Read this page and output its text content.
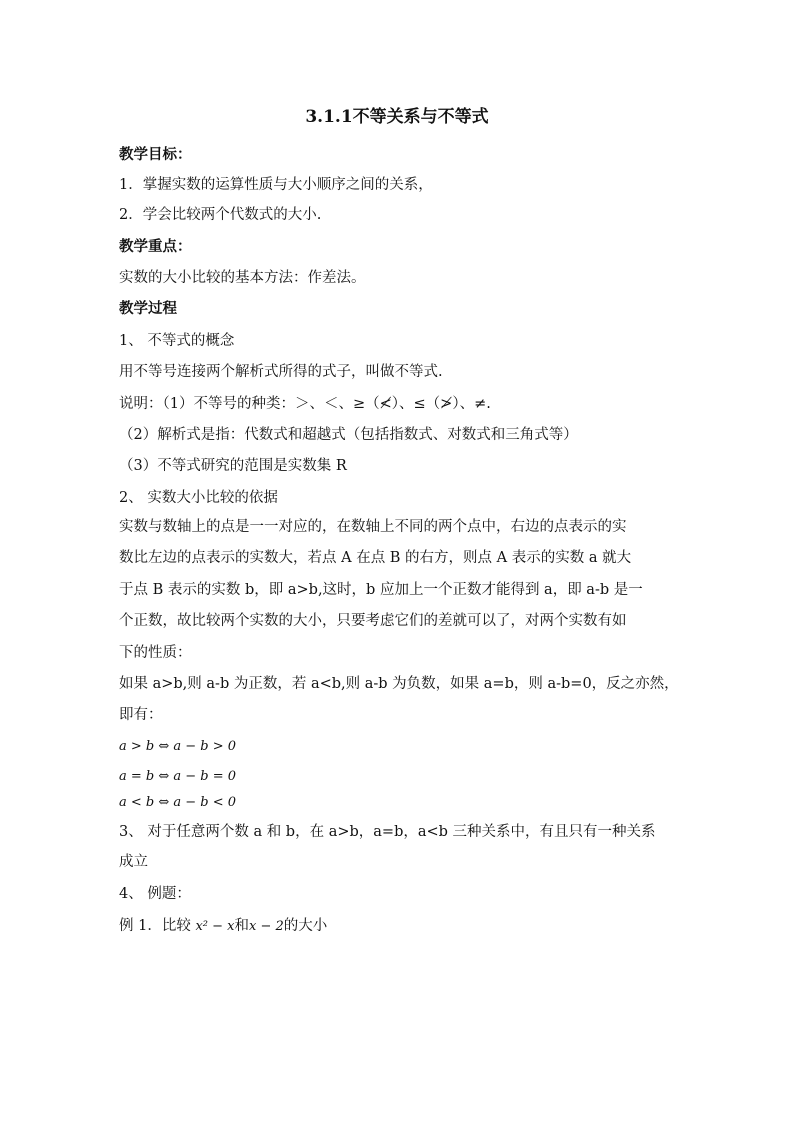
3.1.1不等关系与不等式
教学目标：
1．掌握实数的运算性质与大小顺序之间的关系，
2．学会比较两个代数式的大小.
教学重点：
实数的大小比较的基本方法：作差法。
教学过程
1、 不等式的概念
用不等号连接两个解析式所得的式子，叫做不等式.
说明：（1）不等号的种类：＞、＜、≥（≮）、≤（≯）、≠.
（2）解析式是指：代数式和超越式（包括指数式、对数式和三角式等）
（3）不等式研究的范围是实数集 R
2、 实数大小比较的依据
实数与数轴上的点是一一对应的，在数轴上不同的两个点中，右边的点表示的实
数比左边的点表示的实数大，若点 A 在点 B 的右方，则点 A 表示的实数 a 就大
于点 B 表示的实数 b，即 a>b,这时，b 应加上一个正数才能得到 a，即 a-b 是一
个正数，故比较两个实数的大小，只要考虑它们的差就可以了，对两个实数有如
下的性质：
如果 a>b,则 a-b 为正数，若 a<b,则 a-b 为负数，如果 a=b，则 a-b=0，反之亦然，
即有：
a > b ⇔ a − b > 0
a = b ⇔ a − b = 0
a < b ⇔ a − b < 0
3、 对于任意两个数 a 和 b，在 a>b，a=b，a<b 三种关系中，有且只有一种关系
成立
4、 例题：
例 1．比较 x² − x和x − 2的大小
